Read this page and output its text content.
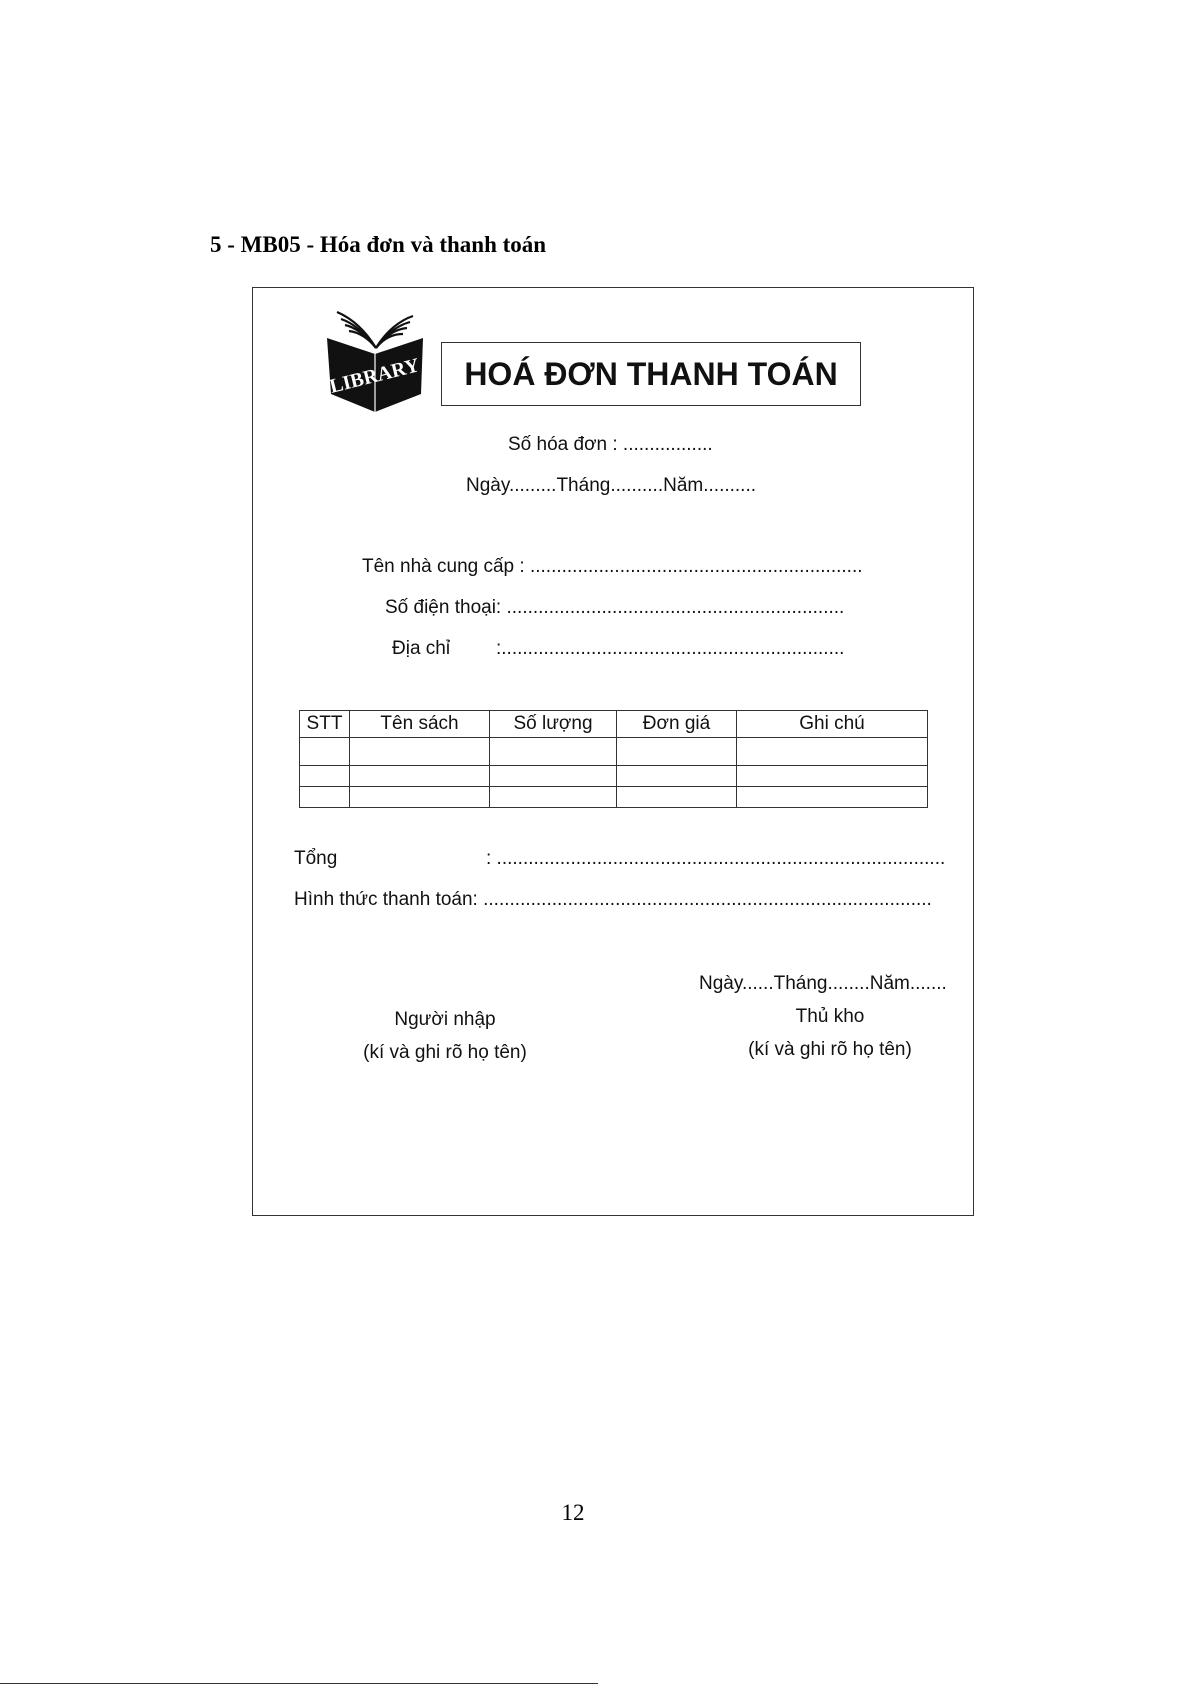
5 - MB05 - Hóa đơn và thanh toán
LIBRARY	HOÁ ĐƠN THANH TOÁN
Số hóa đơn : .................
Ngày.........Tháng..........Năm..........
Tên nhà cung cấp : ...............................................................
Số điện thoại: ................................................................
Địa chỉ :.................................................................
STT	Tên sách	Số lượng	Đơn giá	Ghi chú

Tổng	: .....................................................................................
Hình thức thanh toán: .....................................................................................
Ngày......Tháng........Năm.......
Người nhập
(kí và ghi rõ họ tên)
Thủ kho
(kí và ghi rõ họ tên)
12
